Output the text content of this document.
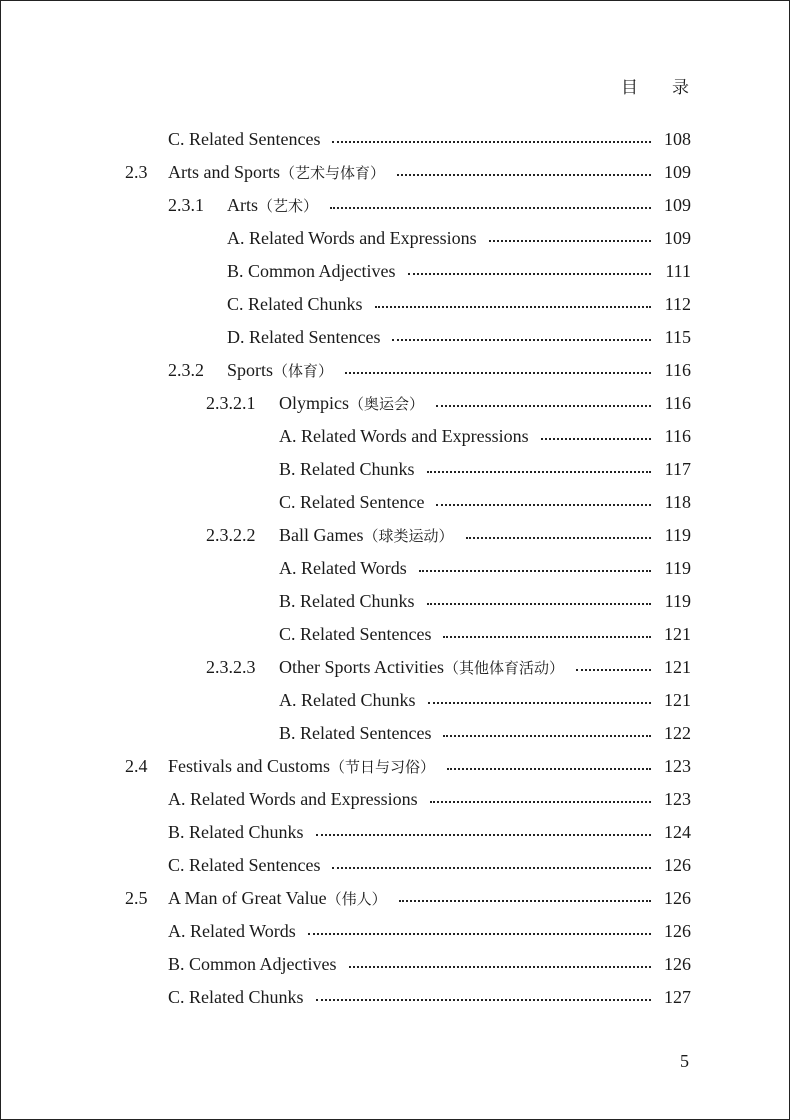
目 录
C. Related Sentences	108
2.3 Arts and Sports（艺术与体育）	109
2.3.1 Arts（艺术）	109
A. Related Words and Expressions	109
B. Common Adjectives	111
C. Related Chunks	112
D. Related Sentences	115
2.3.2 Sports（体育）	116
2.3.2.1 Olympics（奥运会）	116
A. Related Words and Expressions	116
B. Related Chunks	117
C. Related Sentence	118
2.3.2.2 Ball Games（球类运动）	119
A. Related Words	119
B. Related Chunks	119
C. Related Sentences	121
2.3.2.3 Other Sports Activities（其他体育活动）	121
A. Related Chunks	121
B. Related Sentences	122
2.4 Festivals and Customs（节日与习俗）	123
A. Related Words and Expressions	123
B. Related Chunks	124
C. Related Sentences	126
2.5 A Man of Great Value（伟人）	126
A. Related Words	126
B. Common Adjectives	126
C. Related Chunks	127
5
